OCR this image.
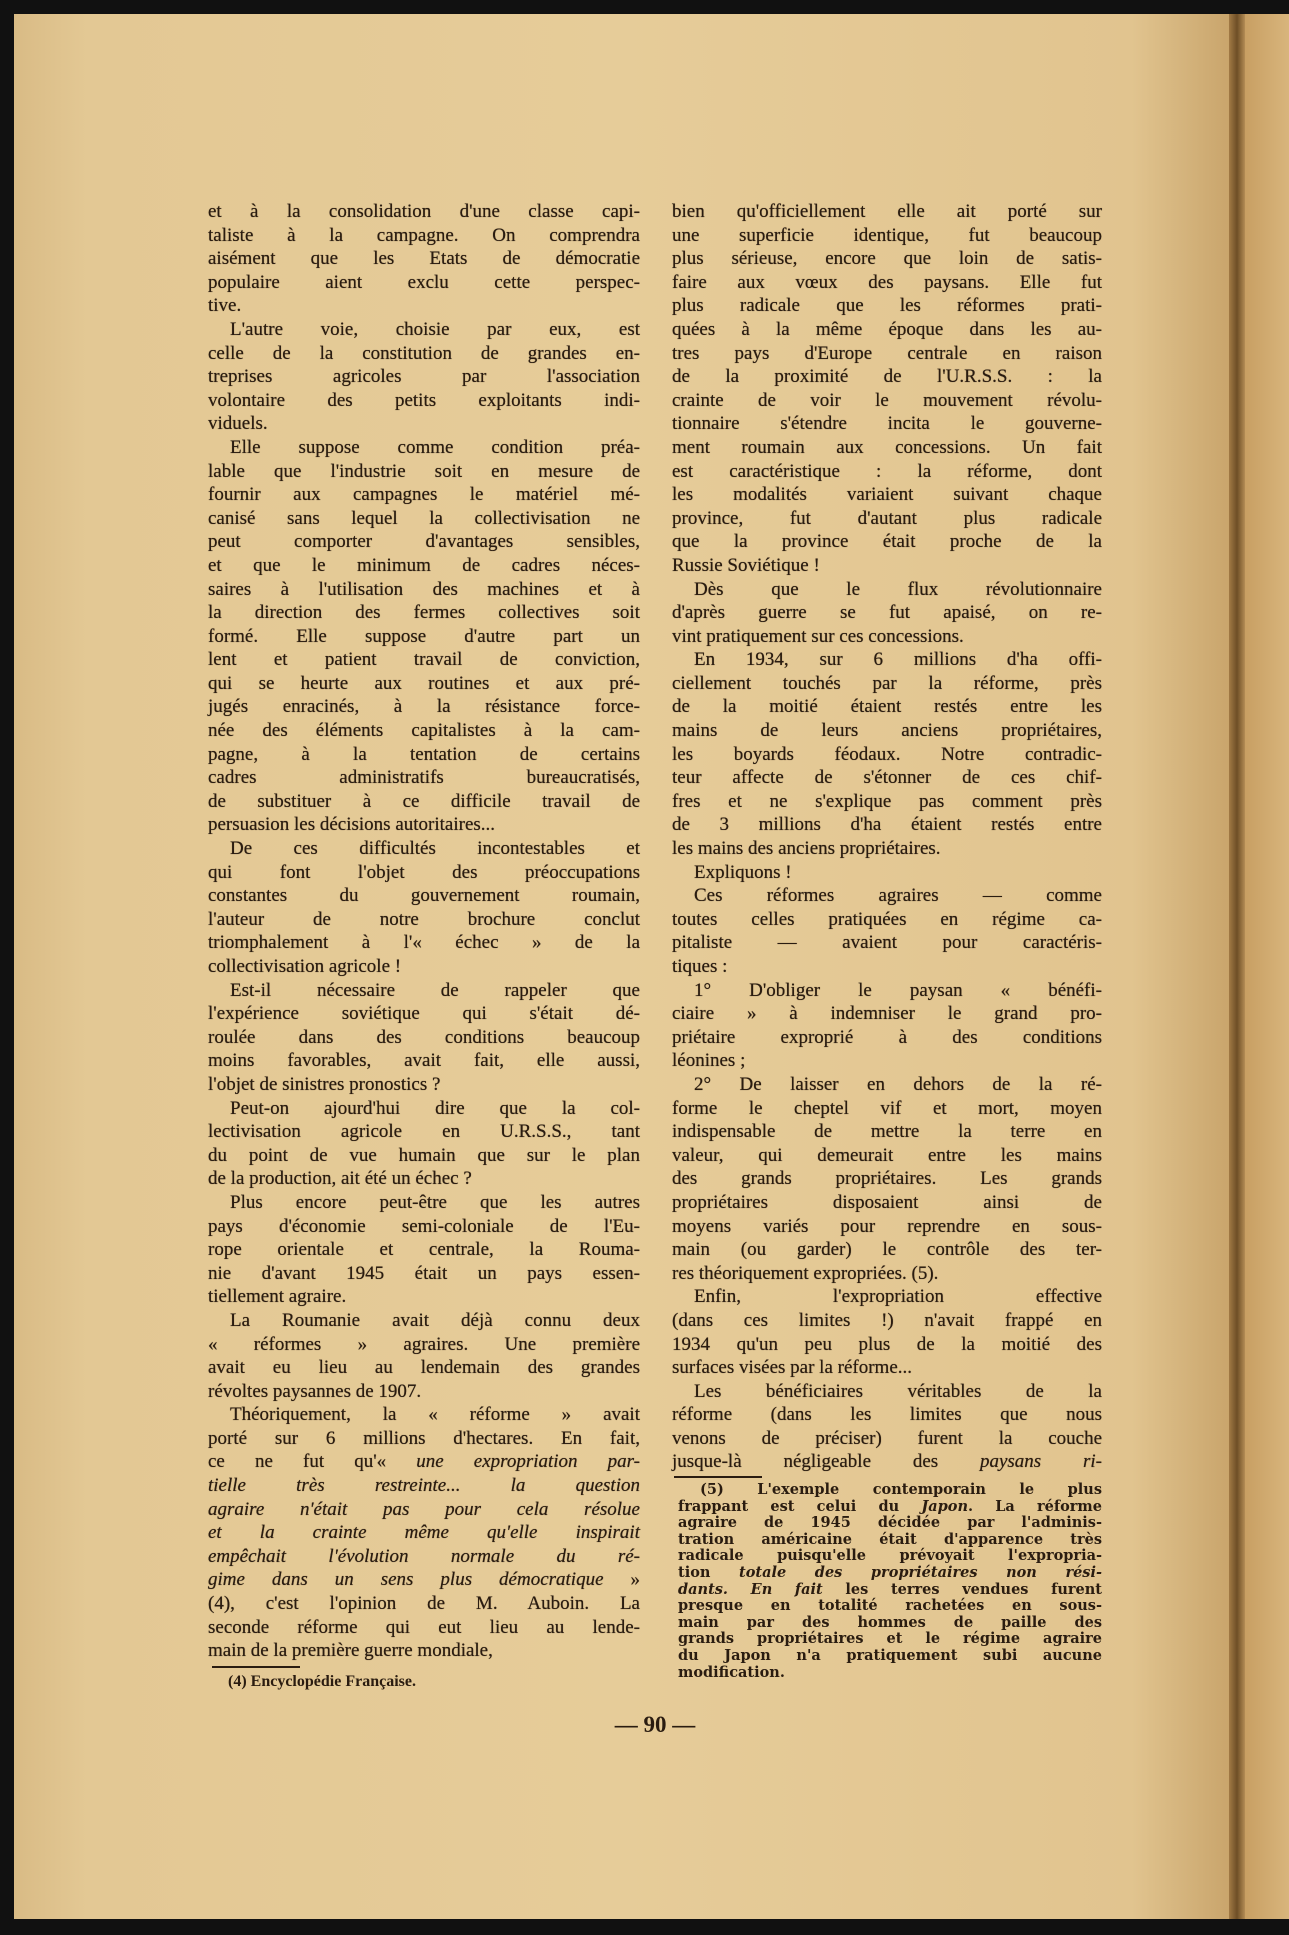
et à la consolidation d'une classe capi-
taliste à la campagne. On comprendra
aisément que les Etats de démocratie
populaire aient exclu cette perspec-
tive.
L'autre voie, choisie par eux, est
celle de la constitution de grandes en-
treprises agricoles par l'association
volontaire des petits exploitants indi-
viduels.
Elle suppose comme condition préa-
lable que l'industrie soit en mesure de
fournir aux campagnes le matériel mé-
canisé sans lequel la collectivisation ne
peut comporter d'avantages sensibles,
et que le minimum de cadres néces-
saires à l'utilisation des machines et à
la direction des fermes collectives soit
formé. Elle suppose d'autre part un
lent et patient travail de conviction,
qui se heurte aux routines et aux pré-
jugés enracinés, à la résistance force-
née des éléments capitalistes à la cam-
pagne, à la tentation de certains
cadres administratifs bureaucratisés,
de substituer à ce difficile travail de
persuasion les décisions autoritaires...
De ces difficultés incontestables et
qui font l'objet des préoccupations
constantes du gouvernement roumain,
l'auteur de notre brochure conclut
triomphalement à l'« échec » de la
collectivisation agricole !
Est-il nécessaire de rappeler que
l'expérience soviétique qui s'était dé-
roulée dans des conditions beaucoup
moins favorables, avait fait, elle aussi,
l'objet de sinistres pronostics ?
Peut-on ajourd'hui dire que la col-
lectivisation agricole en U.R.S.S., tant
du point de vue humain que sur le plan
de la production, ait été un échec ?
Plus encore peut-être que les autres
pays d'économie semi-coloniale de l'Eu-
rope orientale et centrale, la Rouma-
nie d'avant 1945 était un pays essen-
tiellement agraire.
La Roumanie avait déjà connu deux
« réformes » agraires. Une première
avait eu lieu au lendemain des grandes
révoltes paysannes de 1907.
Théoriquement, la « réforme » avait
porté sur 6 millions d'hectares. En fait,
ce ne fut qu'« une expropriation par-
tielle très restreinte... la question
agraire n'était pas pour cela résolue
et la crainte même qu'elle inspirait
empêchait l'évolution normale du ré-
gime dans un sens plus démocratique »
(4), c'est l'opinion de M. Auboin. La
seconde réforme qui eut lieu au lende-
main de la première guerre mondiale,
bien qu'officiellement elle ait porté sur
une superficie identique, fut beaucoup
plus sérieuse, encore que loin de satis-
faire aux vœux des paysans. Elle fut
plus radicale que les réformes prati-
quées à la même époque dans les au-
tres pays d'Europe centrale en raison
de la proximité de l'U.R.S.S. : la
crainte de voir le mouvement révolu-
tionnaire s'étendre incita le gouverne-
ment roumain aux concessions. Un fait
est caractéristique : la réforme, dont
les modalités variaient suivant chaque
province, fut d'autant plus radicale
que la province était proche de la
Russie Soviétique !
Dès que le flux révolutionnaire
d'après guerre se fut apaisé, on re-
vint pratiquement sur ces concessions.
En 1934, sur 6 millions d'ha offi-
ciellement touchés par la réforme, près
de la moitié étaient restés entre les
mains de leurs anciens propriétaires,
les boyards féodaux. Notre contradic-
teur affecte de s'étonner de ces chif-
fres et ne s'explique pas comment près
de 3 millions d'ha étaient restés entre
les mains des anciens propriétaires.
Expliquons !
Ces réformes agraires — comme
toutes celles pratiquées en régime ca-
pitaliste — avaient pour caractéris-
tiques :
1° D'obliger le paysan « bénéfi-
ciaire » à indemniser le grand pro-
priétaire exproprié à des conditions
léonines ;
2° De laisser en dehors de la ré-
forme le cheptel vif et mort, moyen
indispensable de mettre la terre en
valeur, qui demeurait entre les mains
des grands propriétaires. Les grands
propriétaires disposaient ainsi de
moyens variés pour reprendre en sous-
main (ou garder) le contrôle des ter-
res théoriquement expropriées. (5).
Enfin, l'expropriation effective
(dans ces limites !) n'avait frappé en
1934 qu'un peu plus de la moitié des
surfaces visées par la réforme...
Les bénéficiaires véritables de la
réforme (dans les limites que nous
venons de préciser) furent la couche
jusque-là négligeable des paysans ri-
(4) Encyclopédie Française.
(5) L'exemple contemporain le plus
frappant est celui du Japon. La réforme
agraire de 1945 décidée par l'adminis-
tration américaine était d'apparence très
radicale puisqu'elle prévoyait l'expropria-
tion totale des propriétaires non rési-
dants. En fait les terres vendues furent
presque en totalité rachetées en sous-
main par des hommes de paille des
grands propriétaires et le régime agraire
du Japon n'a pratiquement subi aucune
modification.
— 90 —
